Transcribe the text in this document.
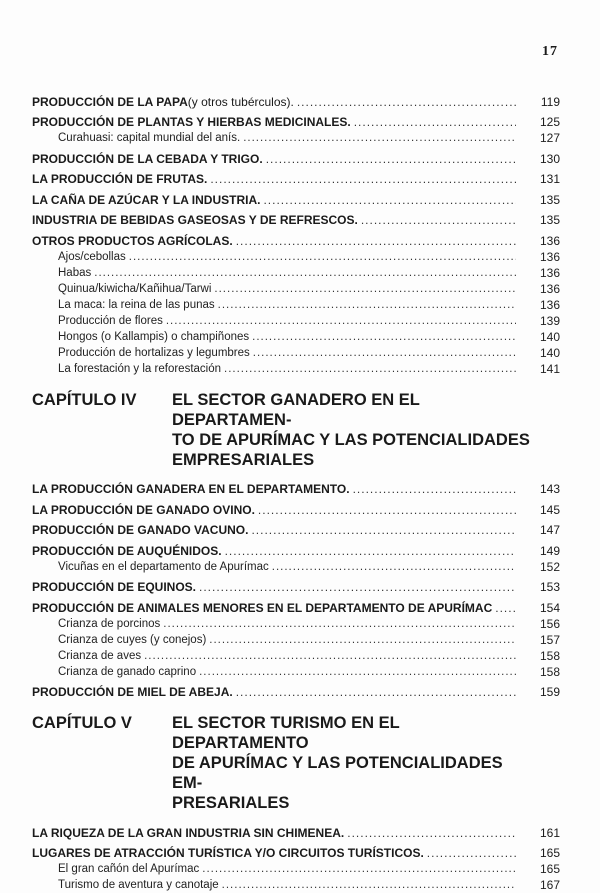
17
PRODUCCIÓN DE LA PAPA (y otros tubérculos). .....	119
PRODUCCIÓN DE PLANTAS Y HIERBAS MEDICINALES. .....	125
Curahuasi: capital mundial del anís. .....	127
PRODUCCIÓN DE LA CEBADA Y TRIGO. .....	130
LA PRODUCCIÓN DE FRUTAS. .....	131
LA CAÑA DE AZÚCAR Y LA INDUSTRIA. .....	135
INDUSTRIA DE BEBIDAS GASEOSAS Y DE REFRESCOS. .....	135
OTROS PRODUCTOS AGRÍCOLAS. .....	136
Ajos/cebollas .....	136
Habas .....	136
Quinua/kiwicha/Kañihua/Tarwi .....	136
La maca: la reina de las punas .....	136
Producción de flores .....	139
Hongos (o Kallampis) o champiñones .....	140
Producción de hortalizas y legumbres .....	140
La forestación y la reforestación .....	141
CAPÍTULO IV	EL SECTOR GANADERO EN EL DEPARTAMEN-
TO DE APURÍMAC Y LAS POTENCIALIDADES
EMPRESARIALES
LA PRODUCCIÓN GANADERA EN EL DEPARTAMENTO. .....	143
LA PRODUCCIÓN DE GANADO OVINO. .....	145
PRODUCCIÓN DE GANADO VACUNO. .....	147
PRODUCCIÓN DE AUQUÉNIDOS. .....	149
Vicuñas en el departamento de Apurímac .....	152
PRODUCCIÓN DE EQUINOS. .....	153
PRODUCCIÓN DE ANIMALES MENORES EN EL DEPARTAMENTO DE APURÍMAC .....	154
Crianza de porcinos .....	156
Crianza de cuyes (y conejos) .....	157
Crianza de aves .....	158
Crianza de ganado caprino .....	158
PRODUCCIÓN DE MIEL DE ABEJA. .....	159
CAPÍTULO V	EL SECTOR TURISMO EN EL DEPARTAMENTO
DE APURÍMAC Y LAS POTENCIALIDADES EM-
PRESARIALES
LA RIQUEZA DE LA GRAN INDUSTRIA SIN CHIMENEA. .....	161
LUGARES DE ATRACCIÓN TURÍSTICA Y/O CIRCUITOS TURÍSTICOS. .....	165
El gran cañón del Apurímac .....	165
Turismo de aventura y canotaje .....	167
